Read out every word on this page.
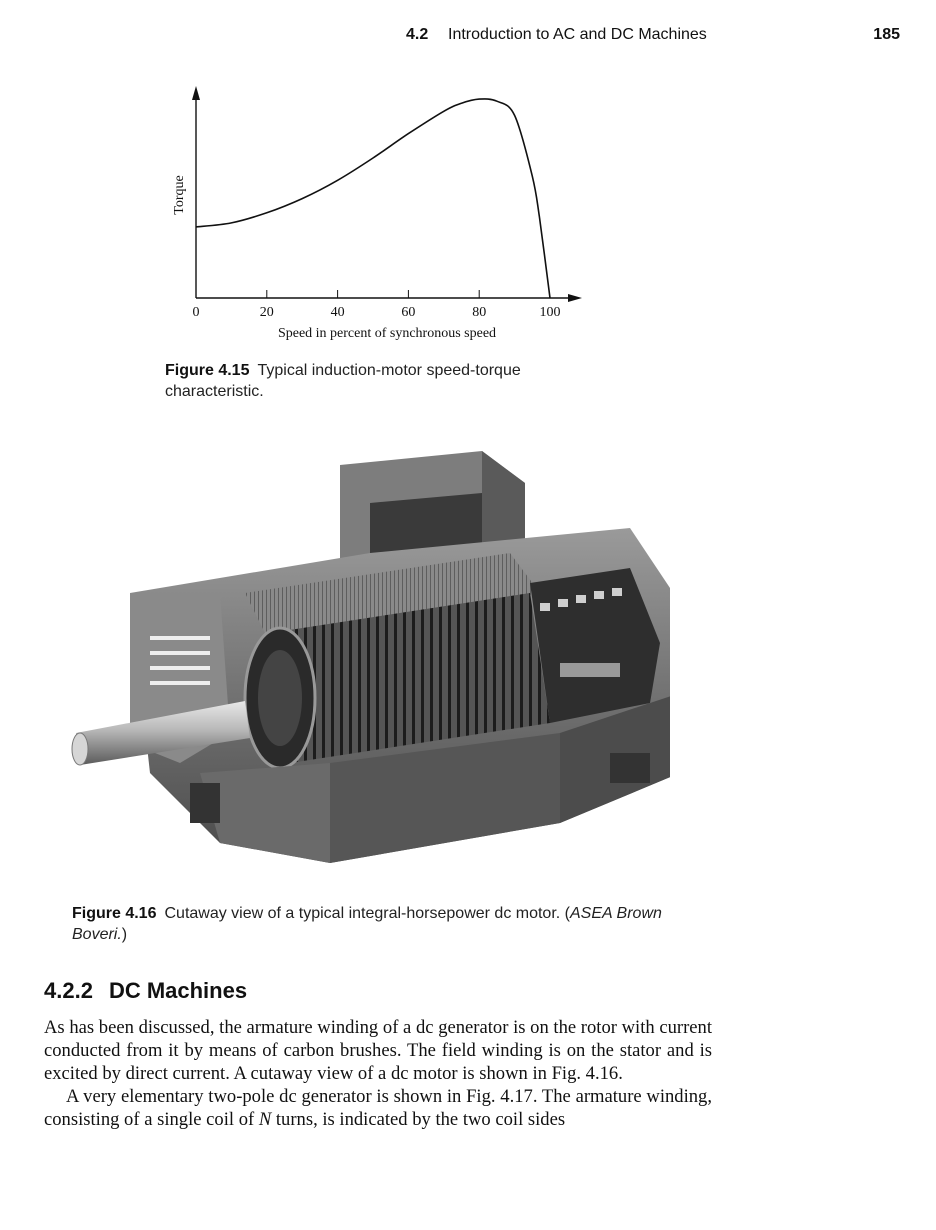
4.2 Introduction to AC and DC Machines	185
0	20	40	60	80	100
Speed in percent of synchronous speed
Torque
Figure 4.15 Typical induction-motor speed-torque characteristic.
Figure 4.16 Cutaway view of a typical integral-horsepower dc motor. (ASEA Brown Boveri.)
4.2.2 DC Machines

As has been discussed, the armature winding of a dc generator is on the rotor with current conducted from it by means of carbon brushes. The field winding is on the stator and is excited by direct current. A cutaway view of a dc motor is shown in Fig. 4.16.

A very elementary two-pole dc generator is shown in Fig. 4.17. The armature winding, consisting of a single coil of N turns, is indicated by the two coil sides
